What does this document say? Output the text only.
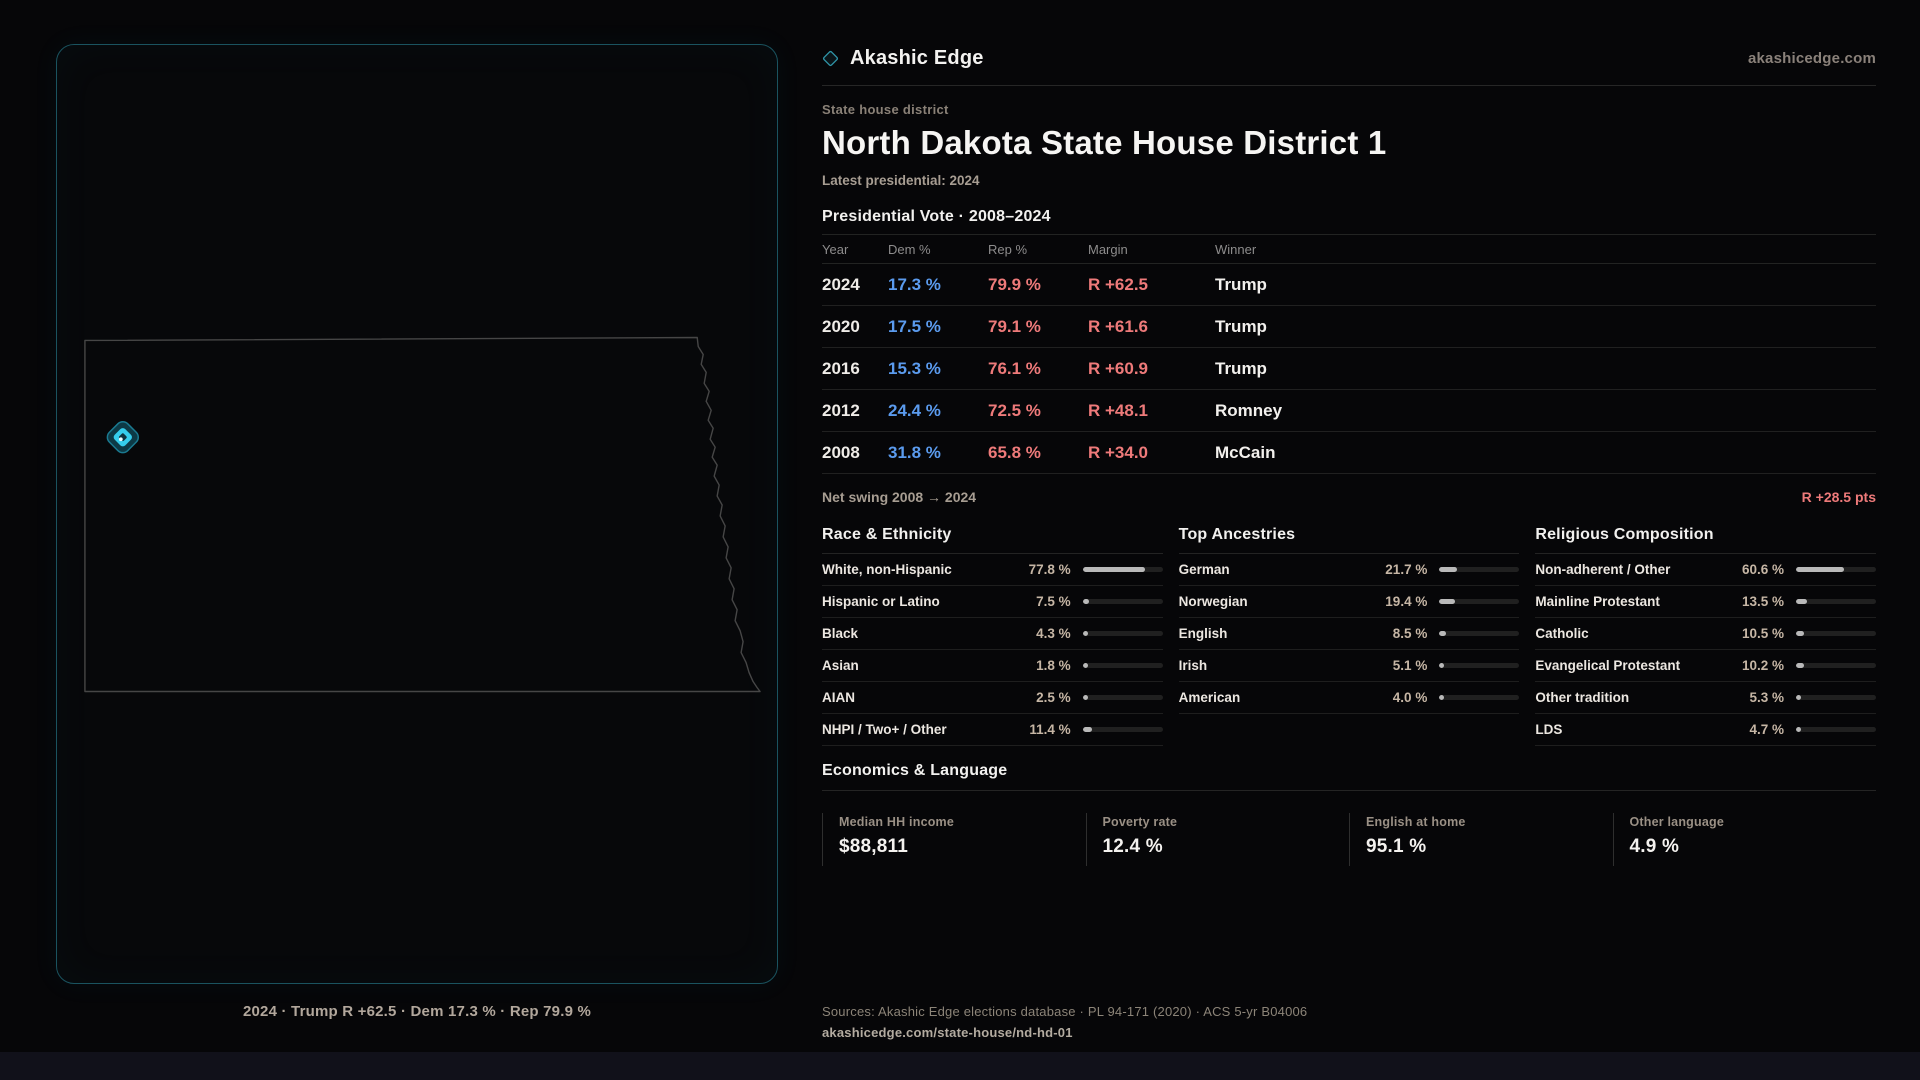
2024 · Trump R +62.5 · Dem 17.3 % · Rep 79.9 %
Akashic Edge	akashicedge.com
State house district
North Dakota State House District 1
Latest presidential: 2024
Presidential Vote · 2008–2024
Year	Dem %	Rep %	Margin	Winner
2024	17.3 %	79.9 %	R +62.5	Trump
2020	17.5 %	79.1 %	R +61.6	Trump
2016	15.3 %	76.1 %	R +60.9	Trump
2012	24.4 %	72.5 %	R +48.1	Romney
2008	31.8 %	65.8 %	R +34.0	McCain
Net swing 2008 → 2024	R +28.5 pts
Race & Ethnicity
White, non-Hispanic	77.8 %
Hispanic or Latino	7.5 %
Black	4.3 %
Asian	1.8 %
AIAN	2.5 %
NHPI / Two+ / Other	11.4 %
Top Ancestries
German	21.7 %
Norwegian	19.4 %
English	8.5 %
Irish	5.1 %
American	4.0 %
Religious Composition
Non-adherent / Other	60.6 %
Mainline Protestant	13.5 %
Catholic	10.5 %
Evangelical Protestant	10.2 %
Other tradition	5.3 %
LDS	4.7 %
Economics & Language
Median HH income
$88,811
Poverty rate
12.4 %
English at home
95.1 %
Other language
4.9 %
Sources: Akashic Edge elections database · PL 94-171 (2020) · ACS 5-yr B04006
akashicedge.com/state-house/nd-hd-01
